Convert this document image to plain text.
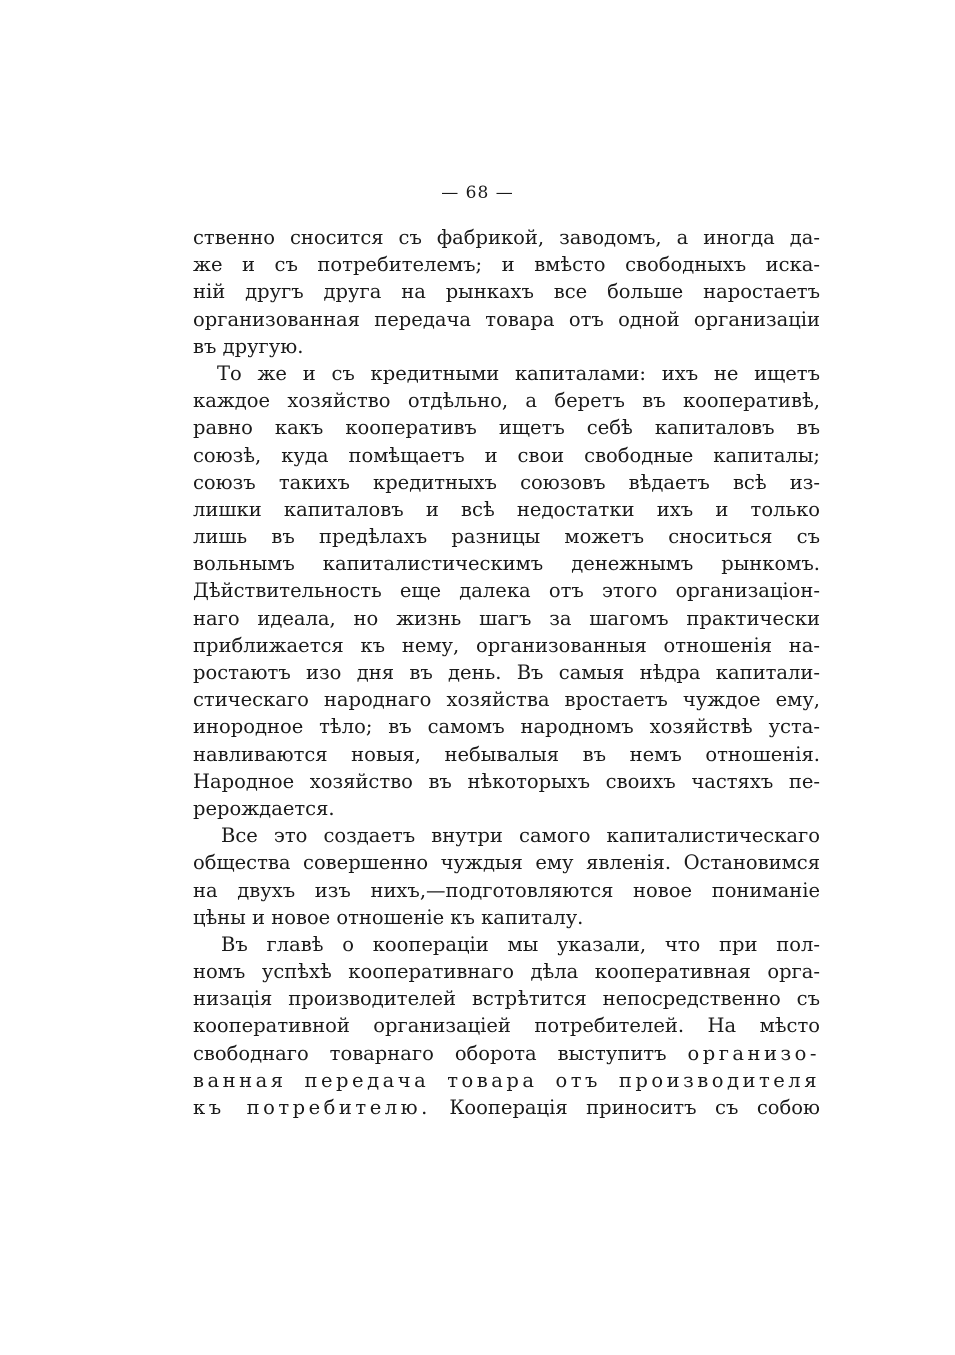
— 68 —
ственно сносится съ фабрикой, заводомъ, а иногда да-
же и съ потребителемъ; и вмѣсто свободныхъ иска-
ній другъ друга на рынкахъ все больше наростаетъ
организованная передача товара отъ одной организаціи
въ другую.
То же и съ кредитными капиталами: ихъ не ищетъ
каждое хозяйство отдѣльно, а беретъ въ кооперативѣ,
равно какъ кооперативъ ищетъ себѣ капиталовъ въ
союзѣ, куда помѣщаетъ и свои свободные капиталы;
союзъ такихъ кредитныхъ союзовъ вѣдаетъ всѣ из-
лишки капиталовъ и всѣ недостатки ихъ и только
лишь въ предѣлахъ разницы можетъ сноситься съ
вольнымъ капиталистическимъ денежнымъ рынкомъ.
Дѣйствительность еще далека отъ этого организаціон-
наго идеала, но жизнь шагъ за шагомъ практически
приближается къ нему, организованныя отношенія на-
ростаютъ изо дня въ день. Въ самыя нѣдра капитали-
стическаго народнаго хозяйства вростаетъ чуждое ему,
инородное тѣло; въ самомъ народномъ хозяйствѣ уста-
навливаются новыя, небывалыя въ немъ отношенія.
Народное хозяйство въ нѣкоторыхъ своихъ частяхъ пе-
рерождается.
Все это создаетъ внутри самого капиталистическаго
общества совершенно чуждыя ему явленія. Остановимся
на двухъ изъ нихъ,—подготовляются новое пониманіе
цѣны и новое отношеніе къ капиталу.
Въ главѣ о коопераціи мы указали, что при пол-
номъ успѣхѣ кооперативнаго дѣла кооперативная орга-
низація производителей встрѣтится непосредственно съ
кооперативной организаціей потребителей. На мѣсто
свободнаго товарнаго оборота выступитъ организо-
ванная передача товара отъ производителя
къ потребителю. Кооперація приноситъ съ собою
